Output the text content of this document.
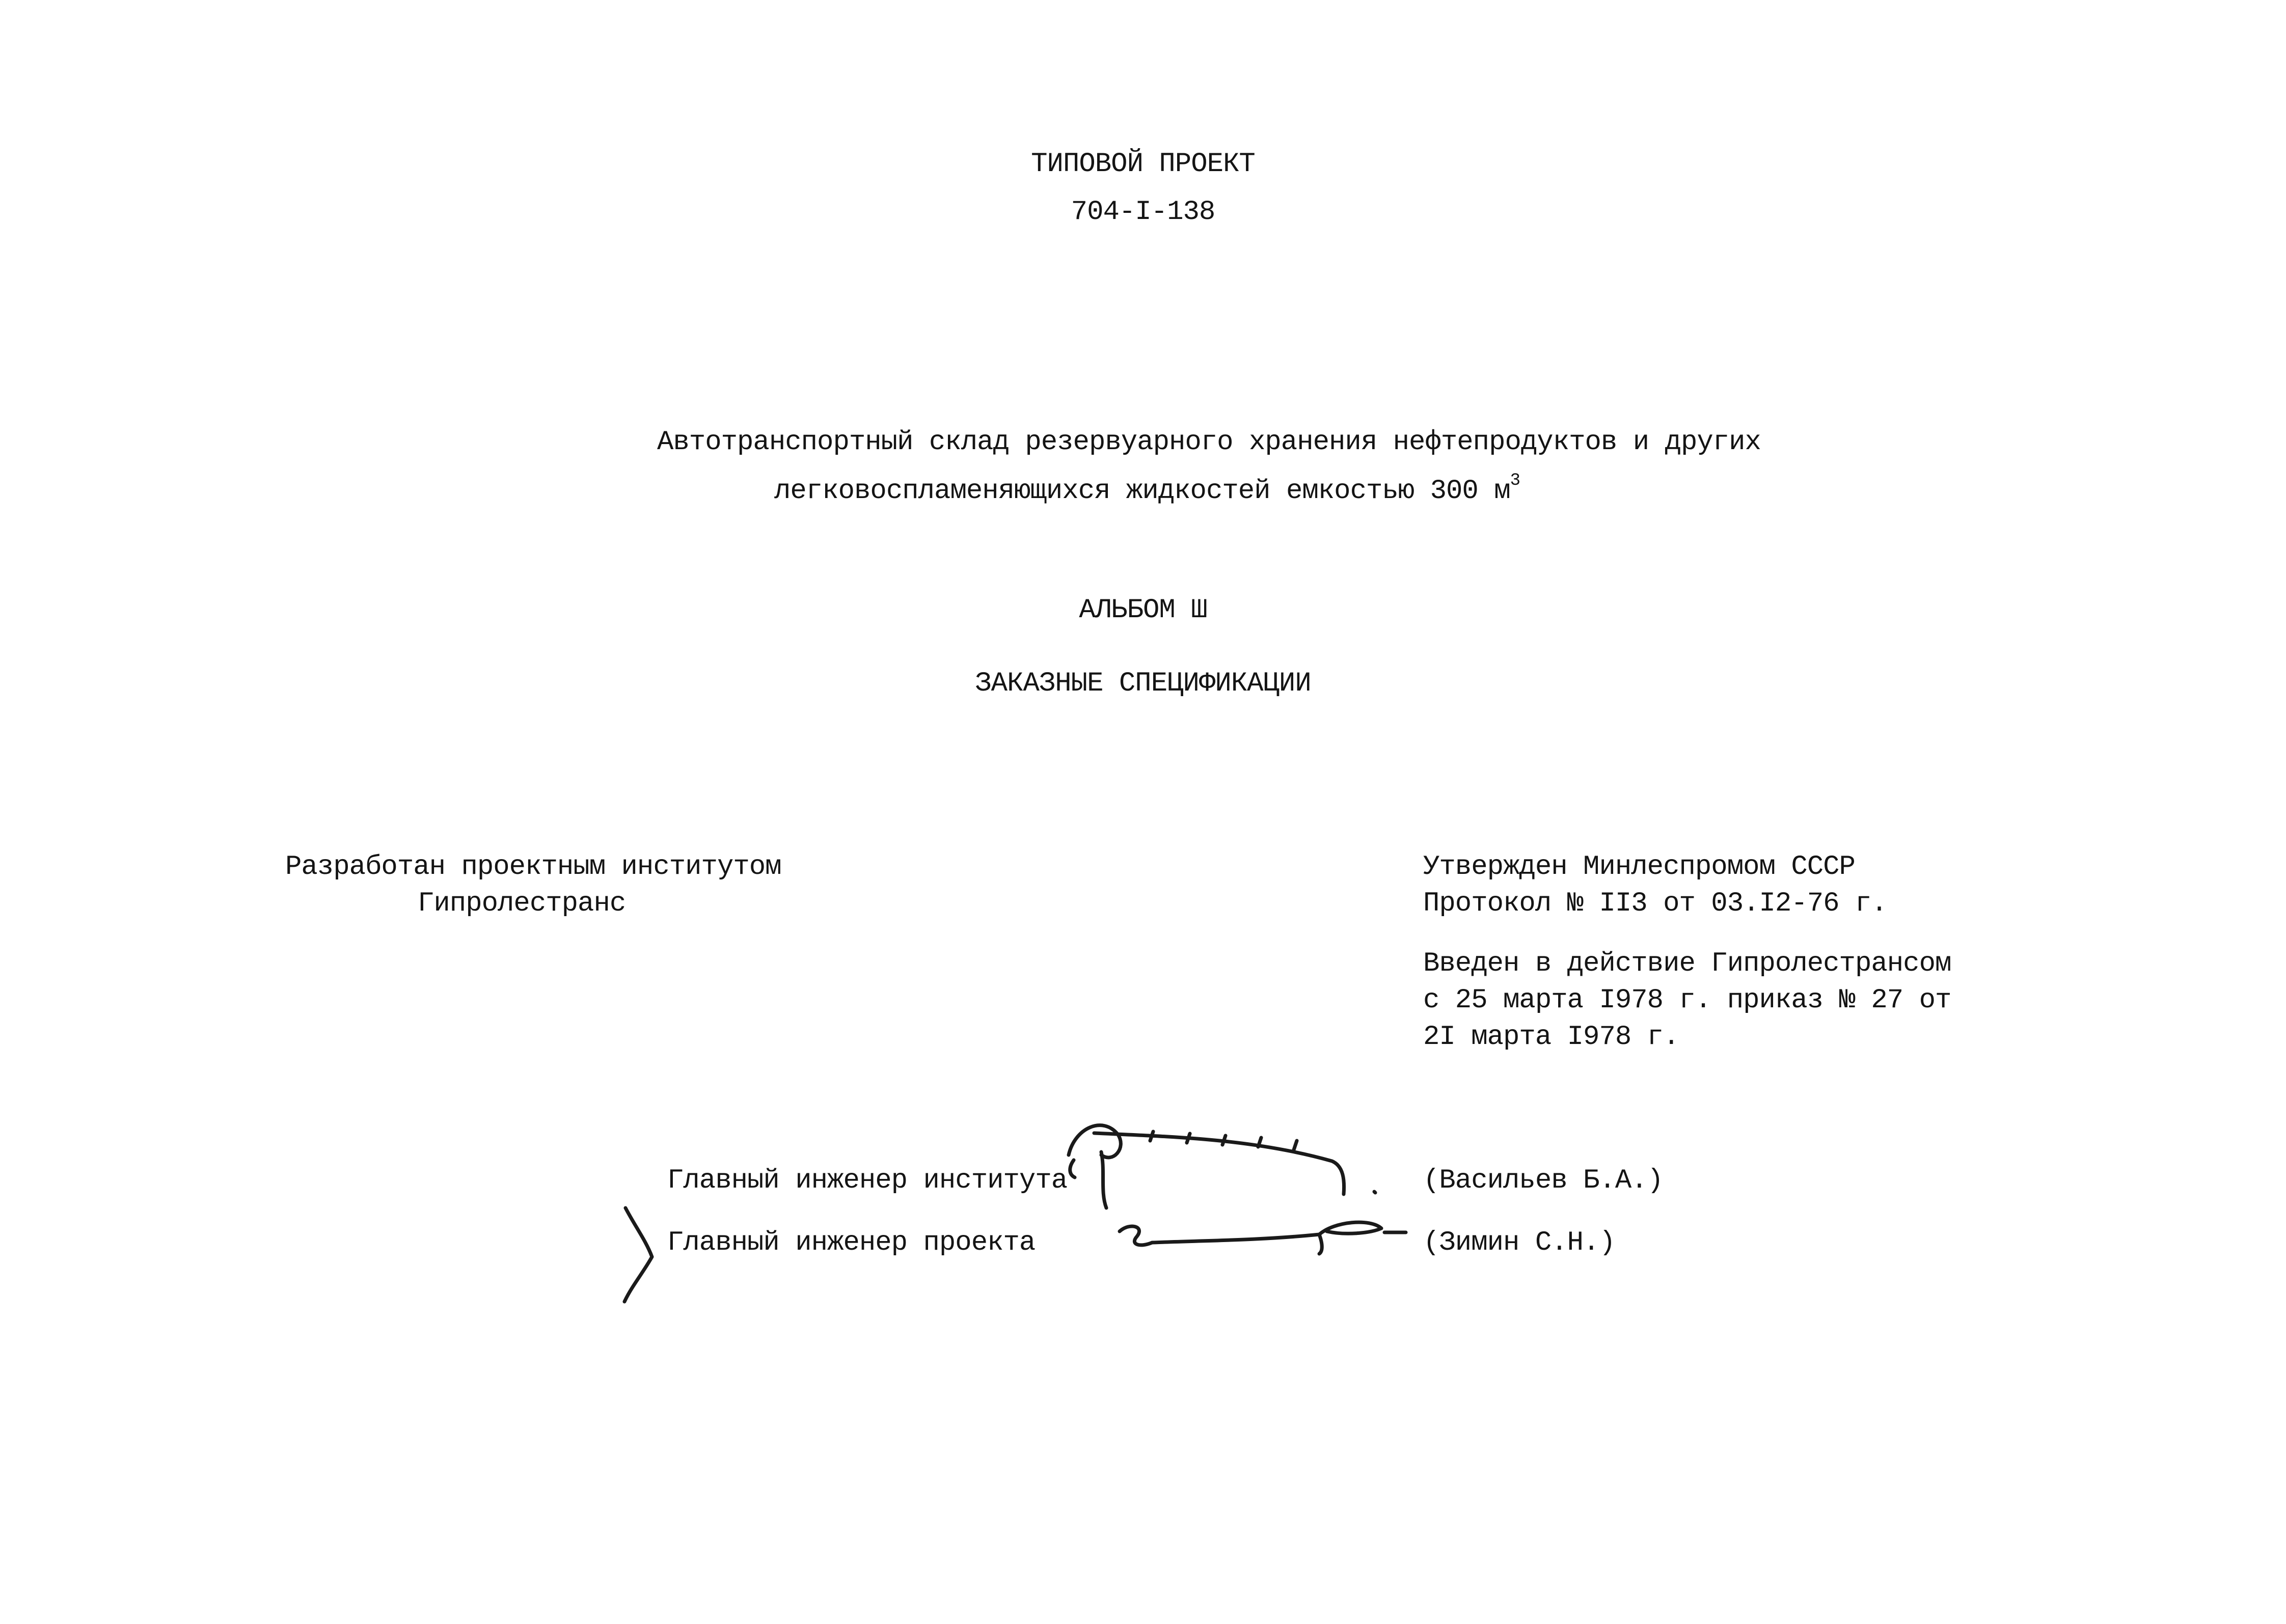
ТИПОВОЙ ПРОЕКТ
704-I-138
Автотранспортный склад резервуарного хранения нефтепродуктов и других
легковоспламеняющихся жидкостей емкостью 300 $м^3$
АЛЬБОМ Ш
ЗАКАЗНЫЕ СПЕЦИФИКАЦИИ
Разработан проектным институтом
Гипролестранс
Утвержден Минлеспромом СССР
Протокол № II3 от 03.I2-76 г.
Введен в действие Гипролестрансом
с 25 марта I978 г. приказ № 27 от
2I марта I978 г.
Главный инженер института	(Васильев Б.А.)
Главный инженер проекта	(Зимин С.Н.)
